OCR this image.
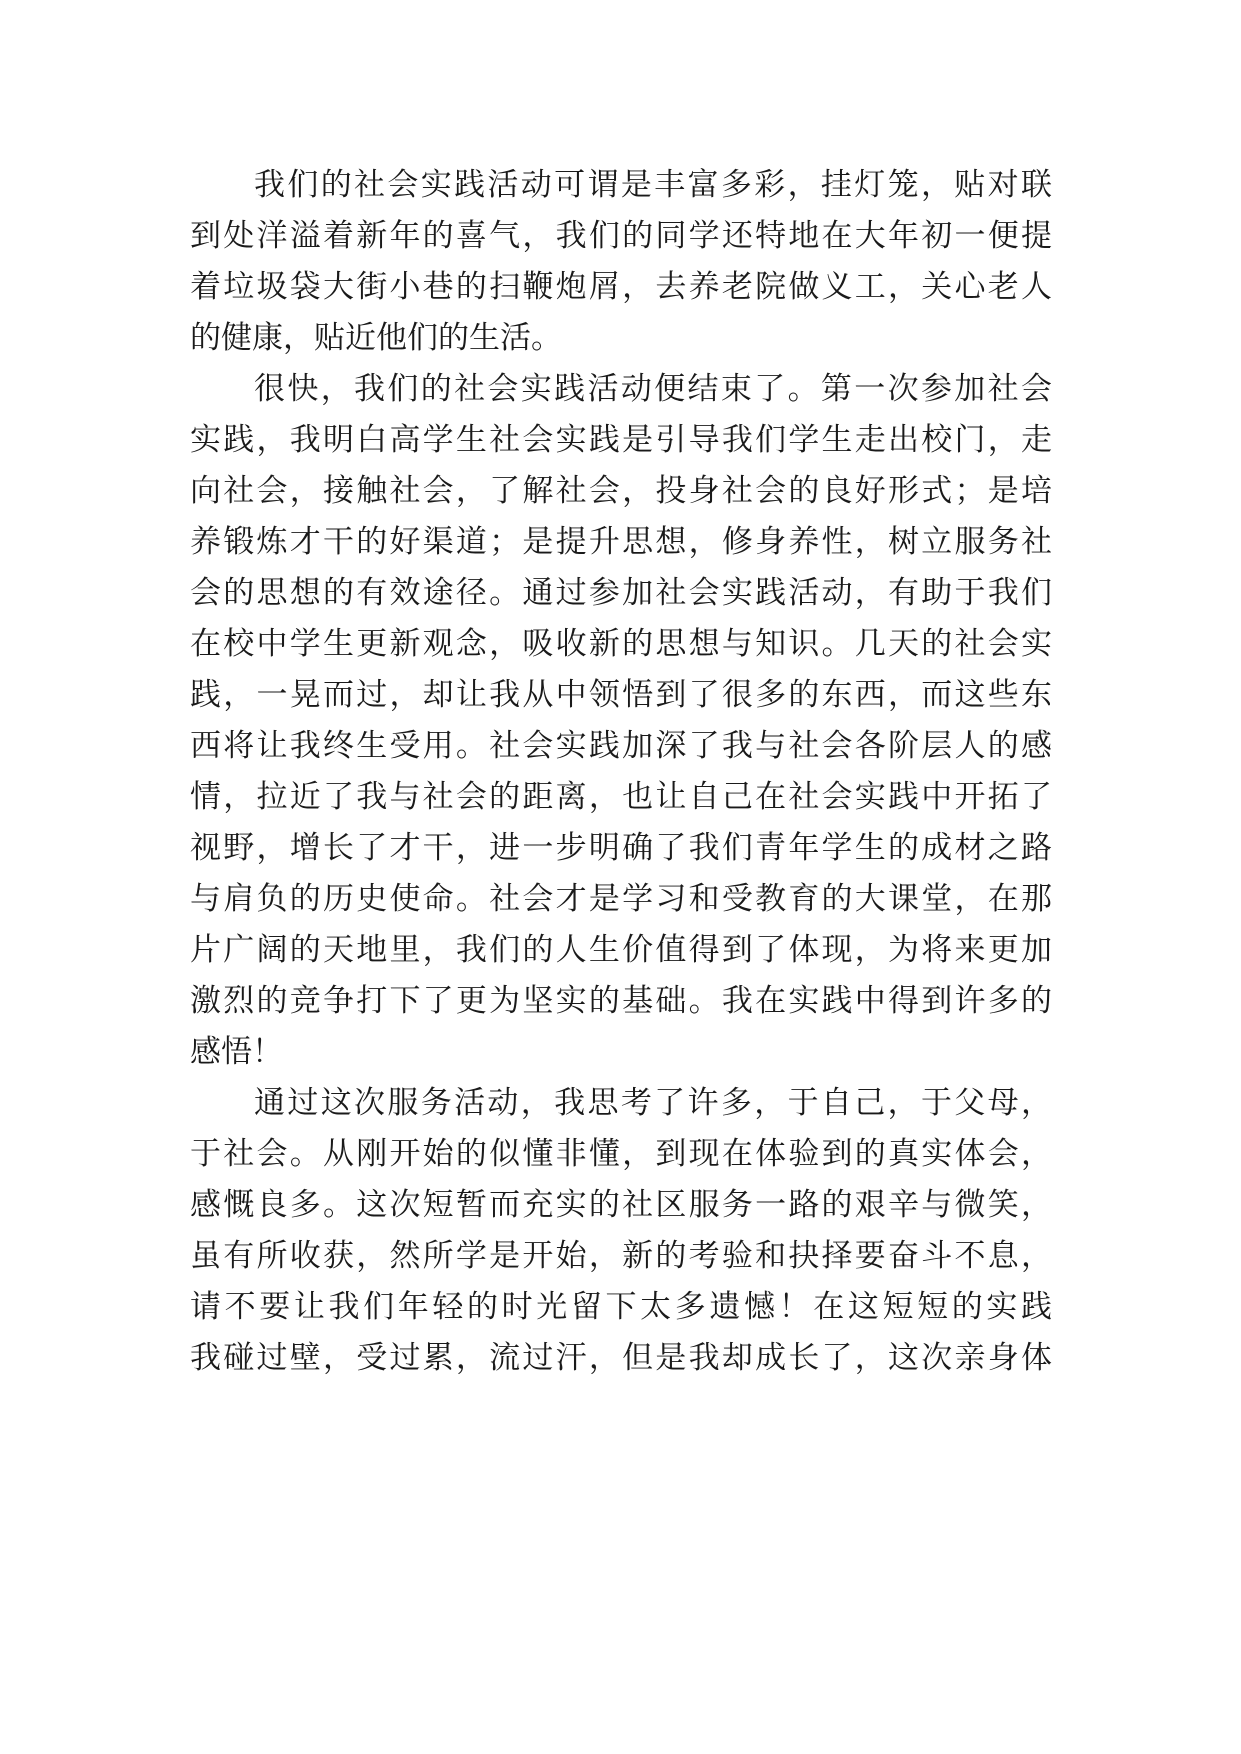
我们的社会实践活动可谓是丰富多彩，挂灯笼，贴对联
到处洋溢着新年的喜气，我们的同学还特地在大年初一便提
着垃圾袋大街小巷的扫鞭炮屑，去养老院做义工，关心老人
的健康，贴近他们的生活。

很快，我们的社会实践活动便结束了。第一次参加社会
实践，我明白高学生社会实践是引导我们学生走出校门，走
向社会，接触社会，了解社会，投身社会的良好形式；是培
养锻炼才干的好渠道；是提升思想，修身养性，树立服务社
会的思想的有效途径。通过参加社会实践活动，有助于我们
在校中学生更新观念，吸收新的思想与知识。几天的社会实
践，一晃而过，却让我从中领悟到了很多的东西，而这些东
西将让我终生受用。社会实践加深了我与社会各阶层人的感
情，拉近了我与社会的距离，也让自己在社会实践中开拓了
视野，增长了才干，进一步明确了我们青年学生的成材之路
与肩负的历史使命。社会才是学习和受教育的大课堂，在那
片广阔的天地里，我们的人生价值得到了体现，为将来更加
激烈的竞争打下了更为坚实的基础。我在实践中得到许多的
感悟！

通过这次服务活动，我思考了许多，于自己，于父母，
于社会。从刚开始的似懂非懂，到现在体验到的真实体会，
感慨良多。这次短暂而充实的社区服务一路的艰辛与微笑，
虽有所收获，然所学是开始，新的考验和抉择要奋斗不息，
请不要让我们年轻的时光留下太多遗憾！在这短短的实践
我碰过壁，受过累，流过汗，但是我却成长了，这次亲身体
